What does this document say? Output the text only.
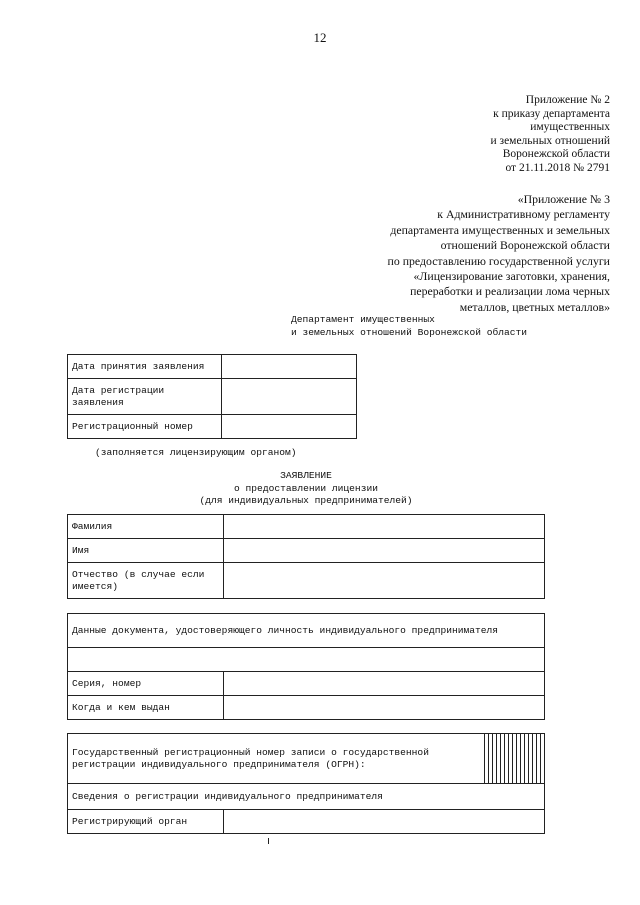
12
Приложение № 2
к приказу департамента
имущественных
и земельных отношений
Воронежской области
от 21.11.2018 № 2791
«Приложение № 3
к Административному регламенту
департамента имущественных и земельных
отношений Воронежской области
по предоставлению государственной услуги
«Лицензирование заготовки, хранения,
переработки и реализации лома черных
металлов, цветных металлов»
Департамент имущественных
и земельных отношений Воронежской области
Дата принятия заявления	
Дата регистрации заявления	
Регистрационный номер	
(заполняется лицензирующим органом)
ЗАЯВЛЕНИЕ
о предоставлении лицензии
(для индивидуальных предпринимателей)
Фамилия	
Имя	
Отчество (в случае если имеется)	
Данные документа, удостоверяющего личность индивидуального предпринимателя	

Серия, номер	
Когда и кем выдан	
Государственный регистрационный номер записи о государственной регистрации индивидуального предпринимателя (ОГРН):																
Сведения о регистрации индивидуального предпринимателя																
Регистрирующий орган																
